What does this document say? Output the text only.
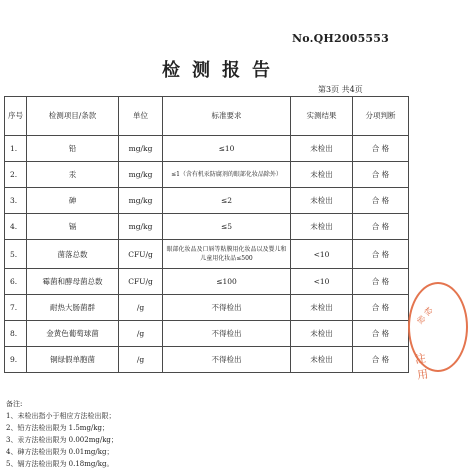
No.QH2005553
检测报告
第3页 共4页
序号	检测项目/条款	单位	标准要求	实测结果	分项判断
1.	铅	mg/kg	≤10	未检出	合 格
2.	汞	mg/kg	≤1（含有机汞防腐剂的眼部化妆品除外）	未检出	合 格
3.	砷	mg/kg	≤2	未检出	合 格
4.	镉	mg/kg	≤5	未检出	合 格
5.	菌落总数	CFU/g	眼部化妆品及口唇等粘膜用化妆品以及婴儿和儿童用化妆品≤500	<10	合 格
6.	霉菌和酵母菌总数	CFU/g	≤100	<10	合 格
7.	耐热大肠菌群	/g	不得检出	未检出	合 格
8.	金黄色葡萄球菌	/g	不得检出	未检出	合 格
9.	铜绿假单胞菌	/g	不得检出	未检出	合 格
备注:
1、未检出指小于相应方法检出限；
2、铅方法检出限为 1.5mg/kg；
3、汞方法检出限为 0.002mg/kg；
4、砷方法检出限为 0.01mg/kg；
5、镉方法检出限为 0.18mg/kg。
检验
注用
